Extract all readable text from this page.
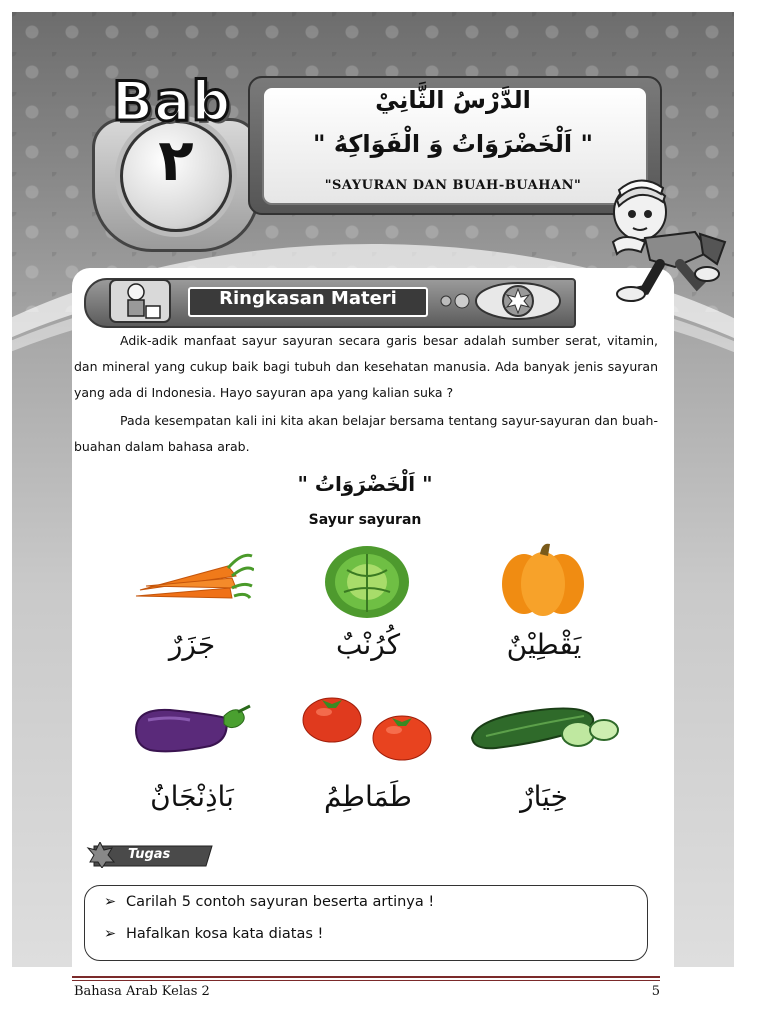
٢
Bab	الدَّرْسُ الثَّانِيْ
" اَلْخَضْرَوَاتُ وَ الْفَوَاكِهُ "
"SAYURAN DAN BUAH-BUAHAN"
Ringkasan Materi
Adik-adik manfaat sayur sayuran secara garis besar adalah sumber serat, vitamin, dan mineral yang cukup baik bagi tubuh dan kesehatan manusia. Ada banyak jenis sayuran yang ada di Indonesia. Hayo sayuran apa yang kalian suka ?
Pada kesempatan kali ini kita akan belajar bersama tentang sayur-sayuran dan buah-buahan dalam bahasa arab.
" اَلْخَضْرَوَاتُ "
Sayur sayuran
جَزَرٌ	كُرُنْبٌ	يَقْطِيْنٌ
بَاذِنْجَانٌ	طَمَاطِمُ	خِيَارٌ
Tugas
➢ Carilah 5 contoh sayuran beserta artinya !
➢ Hafalkan kosa kata diatas !
Bahasa Arab Kelas 2	5
